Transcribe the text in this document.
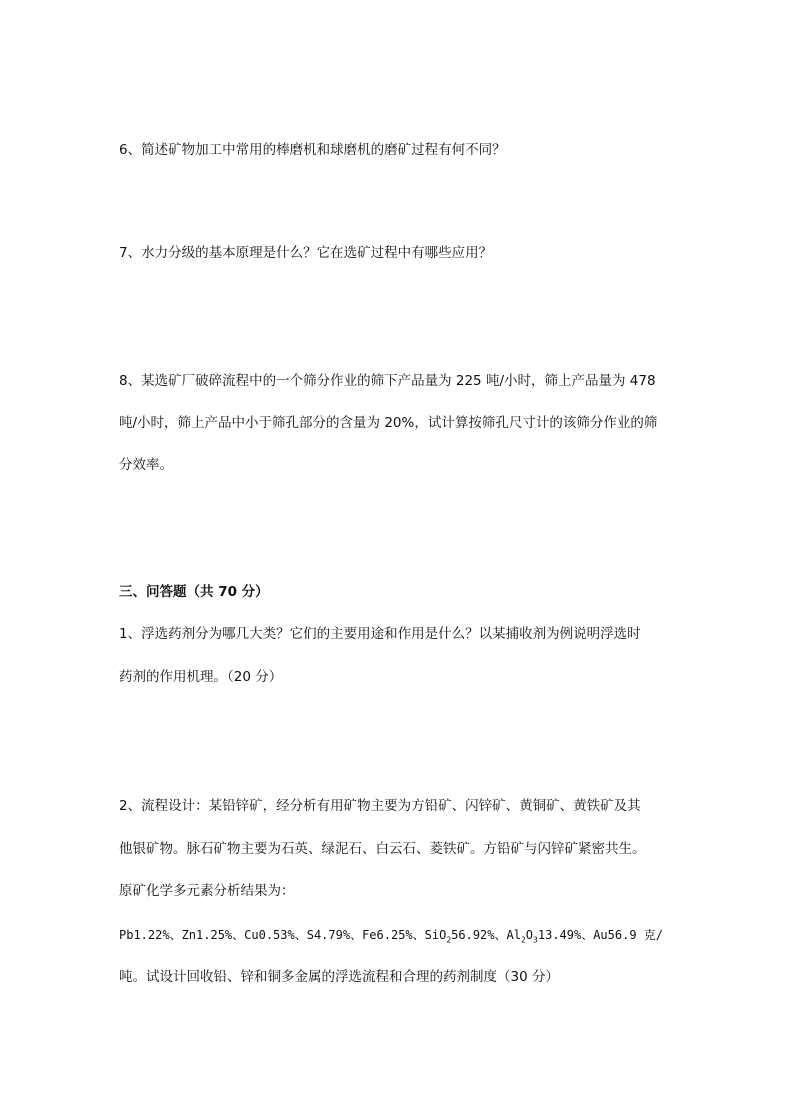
6、简述矿物加工中常用的棒磨机和球磨机的磨矿过程有何不同？
7、水力分级的基本原理是什么？它在选矿过程中有哪些应用？
8、某选矿厂破碎流程中的一个筛分作业的筛下产品量为 225 吨/小时，筛上产品量为 478
吨/小时，筛上产品中小于筛孔部分的含量为 20%，试计算按筛孔尺寸计的该筛分作业的筛
分效率。
三、问答题（共 70 分）
1、浮选药剂分为哪几大类？它们的主要用途和作用是什么？以某捕收剂为例说明浮选时
药剂的作用机理。（20 分）
2、流程设计：某铅锌矿，经分析有用矿物主要为方铅矿、闪锌矿、黄铜矿、黄铁矿及其
他银矿物。脉石矿物主要为石英、绿泥石、白云石、菱铁矿。方铅矿与闪锌矿紧密共生。
原矿化学多元素分析结果为：
Pb1.22%、Zn1.25%、Cu0.53%、S4.79%、Fe6.25%、SiO$_2$56.92%、$Al_2O_313.49\%$、Au56.9 克/
吨。试设计回收铅、锌和铜多金属的浮选流程和合理的药剂制度（30 分）
